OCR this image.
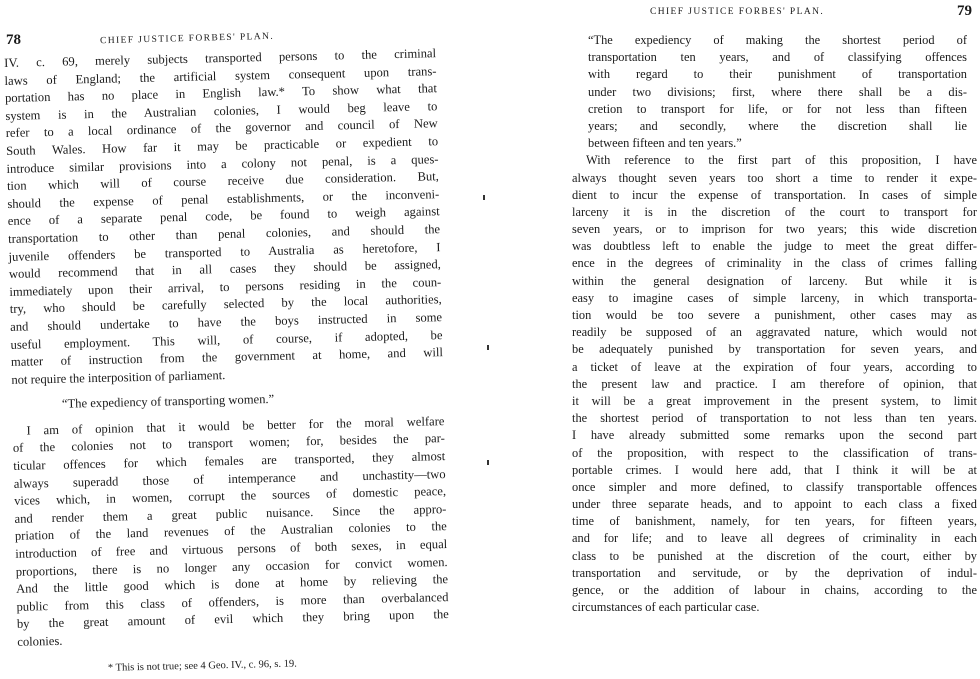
78	CHIEF JUSTICE FORBES' PLAN.
IV. c. 69, merely subjects transported persons to the criminal
laws of England; the artificial system consequent upon trans-
portation has no place in English law.* To show what that
system is in the Australian colonies, I would beg leave to
refer to a local ordinance of the governor and council of New
South Wales. How far it may be practicable or expedient to
introduce similar provisions into a colony not penal, is a ques-
tion which will of course receive due consideration. But,
should the expense of penal establishments, or the inconveni-
ence of a separate penal code, be found to weigh against
transportation to other than penal colonies, and should the
juvenile offenders be transported to Australia as heretofore, I
would recommend that in all cases they should be assigned,
immediately upon their arrival, to persons residing in the coun-
try, who should be carefully selected by the local authorities,
and should undertake to have the boys instructed in some
useful employment. This will, of course, if adopted, be
matter of instruction from the government at home, and will
not require the interposition of parliament.
“The expediency of transporting women.”
I am of opinion that it would be better for the moral welfare
of the colonies not to transport women; for, besides the par-
ticular offences for which females are transported, they almost
always superadd those of intemperance and unchastity—two
vices which, in women, corrupt the sources of domestic peace,
and render them a great public nuisance. Since the appro-
priation of the land revenues of the Australian colonies to the
introduction of free and virtuous persons of both sexes, in equal
proportions, there is no longer any occasion for convict women.
And the little good which is done at home by relieving the
public from this class of offenders, is more than overbalanced
by the great amount of evil which they bring upon the
colonies.
* This is not true; see 4 Geo. IV., c. 96, s. 19.
79
CHIEF JUSTICE FORBES' PLAN.
“The expediency of making the shortest period of
transportation ten years, and of classifying offences
with regard to their punishment of transportation
under two divisions; first, where there shall be a dis-
cretion to transport for life, or for not less than fifteen
years; and secondly, where the discretion shall lie
between fifteen and ten years.”
With reference to the first part of this proposition, I have
always thought seven years too short a time to render it expe-
dient to incur the expense of transportation. In cases of simple
larceny it is in the discretion of the court to transport for
seven years, or to imprison for two years; this wide discretion
was doubtless left to enable the judge to meet the great differ-
ence in the degrees of criminality in the class of crimes falling
within the general designation of larceny. But while it is
easy to imagine cases of simple larceny, in which transporta-
tion would be too severe a punishment, other cases may as
readily be supposed of an aggravated nature, which would not
be adequately punished by transportation for seven years, and
a ticket of leave at the expiration of four years, according to
the present law and practice. I am therefore of opinion, that
it will be a great improvement in the present system, to limit
the shortest period of transportation to not less than ten years.
I have already submitted some remarks upon the second part
of the proposition, with respect to the classification of trans-
portable crimes. I would here add, that I think it will be at
once simpler and more defined, to classify transportable offences
under three separate heads, and to appoint to each class a fixed
time of banishment, namely, for ten years, for fifteen years,
and for life; and to leave all degrees of criminality in each
class to be punished at the discretion of the court, either by
transportation and servitude, or by the deprivation of indul-
gence, or the addition of labour in chains, according to the
circumstances of each particular case.
